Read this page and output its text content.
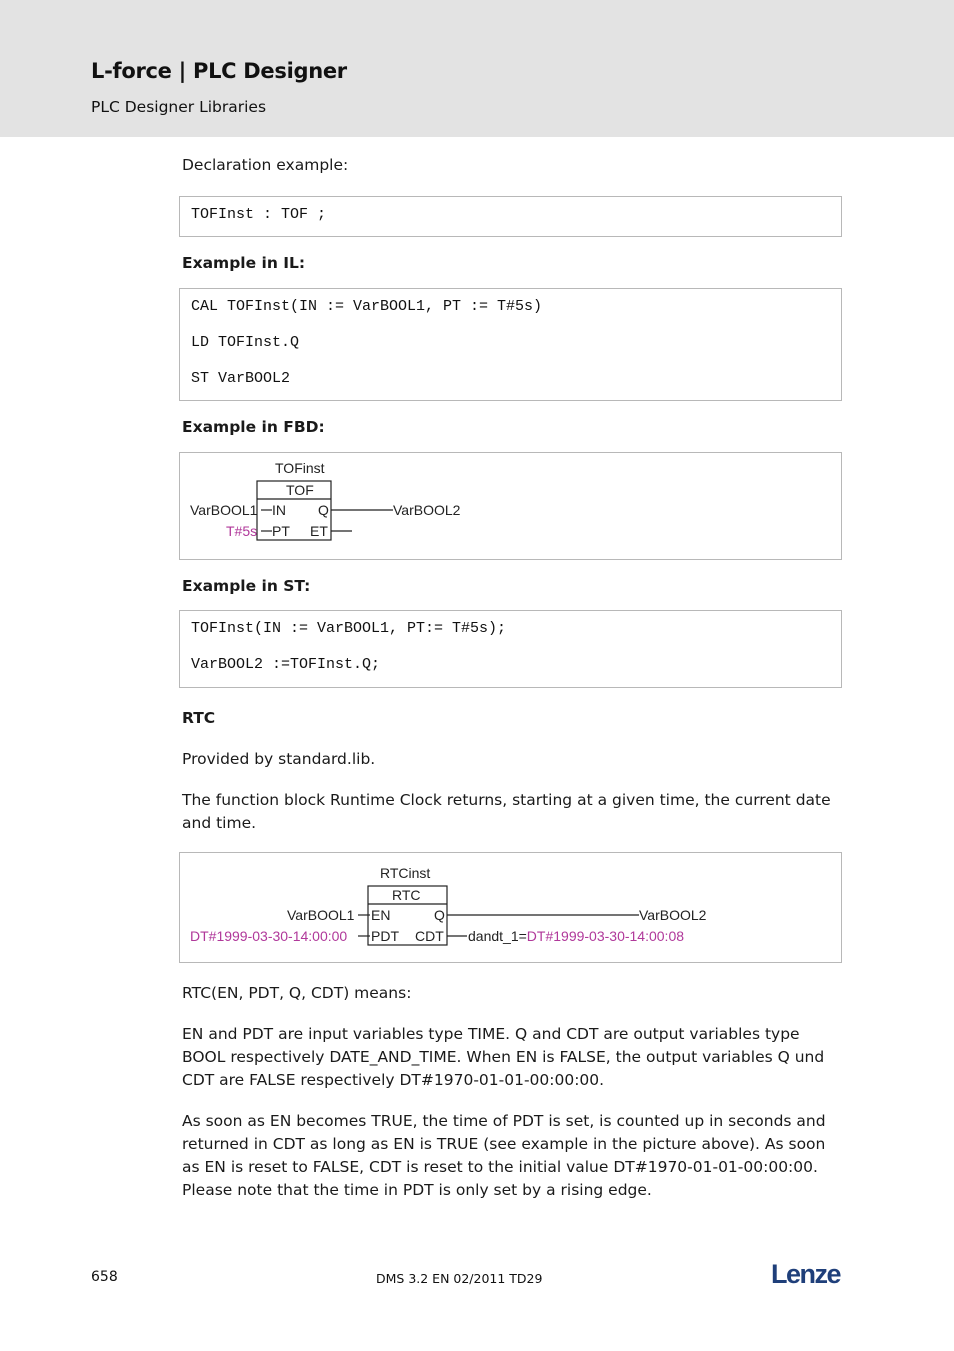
L-force | PLC Designer
PLC Designer Libraries
Declaration example:
TOFInst : TOF ;
Example in IL:
CAL TOFInst(IN := VarBOOL1, PT := T#5s)
LD TOFInst.Q
ST VarBOOL2
Example in FBD:
TOFinst
TOF
IN
PT
Q
ET
VarBOOL1
T#5s
VarBOOL2
Example in ST:
TOFInst(IN := VarBOOL1, PT:= T#5s);
VarBOOL2 :=TOFInst.Q;
RTC
Provided by standard.lib.
The function block Runtime Clock returns, starting at a given time, the current date and time.
RTCinst
RTC
EN
PDT
Q
CDT
VarBOOL1
DT#1999-03-30-14:00:00
VarBOOL2
dandt_1=DT#1999-03-30-14:00:08
RTC(EN, PDT, Q, CDT) means:
EN and PDT are input variables type TIME. Q and CDT are output variables type BOOL respectively DATE_AND_TIME. When EN is FALSE, the output variables Q und CDT are FALSE respectively DT#1970-01-01-00:00:00.
As soon as EN becomes TRUE, the time of PDT is set, is counted up in seconds and returned in CDT as long as EN is TRUE (see example in the picture above). As soon as EN is reset to FALSE, CDT is reset to the initial value DT#1970-01-01-00:00:00. Please note that the time in PDT is only set by a rising edge.
658	DMS 3.2 EN 02/2011 TD29	Lenze
